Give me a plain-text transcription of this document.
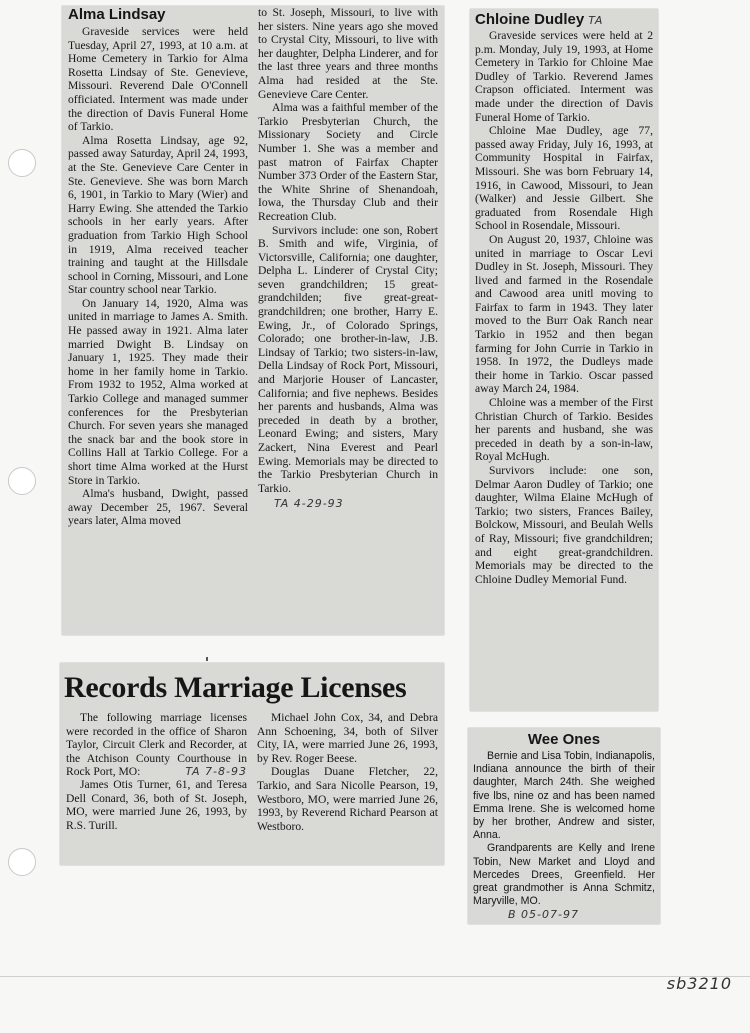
Alma Lindsay

Graveside services were held Tuesday, April 27, 1993, at 10 a.m. at Home Cemetery in Tarkio for Alma Rosetta Lindsay of Ste. Genevieve, Missouri. Reverend Dale O'Connell officiated. Interment was made under the direction of Davis Funeral Home of Tarkio.

Alma Rosetta Lindsay, age 92, passed away Saturday, April 24, 1993, at the Ste. Genevieve Care Center in Ste. Genevieve. She was born March 6, 1901, in Tarkio to Mary (Wier) and Harry Ewing. She attended the Tarkio schools in her early years. After graduation from Tarkio High School in 1919, Alma received teacher training and taught at the Hillsdale school in Corning, Missouri, and Lone Star country school near Tarkio.

On January 14, 1920, Alma was united in marriage to James A. Smith. He passed away in 1921. Alma later married Dwight B. Lindsay on January 1, 1925. They made their home in her family home in Tarkio. From 1932 to 1952, Alma worked at Tarkio College and managed summer conferences for the Presbyterian Church. For seven years she managed the snack bar and the book store in Collins Hall at Tarkio College. For a short time Alma worked at the Hurst Store in Tarkio.

Alma's husband, Dwight, passed away December 25, 1967. Several years later, Alma moved

to St. Joseph, Missouri, to live with her sisters. Nine years ago she moved to Crystal City, Missouri, to live with her daughter, Delpha Linderer, and for the last three years and three months Alma had resided at the Ste. Genevieve Care Center.

Alma was a faithful member of the Tarkio Presbyterian Church, the Missionary Society and Circle Number 1. She was a member and past matron of Fairfax Chapter Number 373 Order of the Eastern Star, the White Shrine of Shenandoah, Iowa, the Thursday Club and their Recreation Club.

Survivors include: one son, Robert B. Smith and wife, Virginia, of Victorsville, California; one daughter, Delpha L. Linderer of Crystal City; seven grandchildren; 15 great-grandchilden; five great-great-grandchildren; one brother, Harry E. Ewing, Jr., of Colorado Springs, Colorado; one brother-in-law, J.B. Lindsay of Tarkio; two sisters-in-law, Della Lindsay of Rock Port, Missouri, and Marjorie Houser of Lancaster, California; and five nephews. Besides her parents and husbands, Alma was preceded in death by a brother, Leonard Ewing; and sisters, Mary Zackert, Nina Everest and Pearl Ewing. Memorials may be directed to the Tarkio Presbyterian Church in Tarkio.

TA 4-29-93
Chloine Dudley TA

Graveside services were held at 2 p.m. Monday, July 19, 1993, at Home Cemetery in Tarkio for Chloine Mae Dudley of Tarkio. Reverend James Crapson officiated. Interment was made under the direction of Davis Funeral Home of Tarkio.

Chloine Mae Dudley, age 77, passed away Friday, July 16, 1993, at Community Hospital in Fairfax, Missouri. She was born February 14, 1916, in Cawood, Missouri, to Jean (Walker) and Jessie Gilbert. She graduated from Rosendale High School in Rosendale, Missouri.

On August 20, 1937, Chloine was united in marriage to Oscar Levi Dudley in St. Joseph, Missouri. They lived and farmed in the Rosendale and Cawood area unitl moving to Fairfax to farm in 1943. They later moved to the Burr Oak Ranch near Tarkio in 1952 and then began farming for John Currie in Tarkio in 1958. In 1972, the Dudleys made their home in Tarkio. Oscar passed away March 24, 1984.

Chloine was a member of the First Christian Church of Tarkio. Besides her parents and husband, she was preceded in death by a son-in-law, Royal McHugh.

Survivors include: one son, Delmar Aaron Dudley of Tarkio; one daughter, Wilma Elaine McHugh of Tarkio; two sisters, Frances Bailey, Bolckow, Missouri, and Beulah Wells of Ray, Missouri; five grandchildren; and eight great-grandchildren. Memorials may be directed to the Chloine Dudley Memorial Fund.

Records Marriage Licenses

The following marriage licenses were recorded in the office of Sharon Taylor, Circuit Clerk and Recorder, at the Atchison County Courthouse in Rock Port, MO:	TA 7-8-93

James Otis Turner, 61, and Teresa Dell Conard, 36, both of St. Joseph, MO, were married June 26, 1993, by R.S. Turill.

Michael John Cox, 34, and Debra Ann Schoening, 34, both of Silver City, IA, were married June 26, 1993, by Rev. Roger Beese.

Douglas Duane Fletcher, 22, Tarkio, and Sara Nicolle Pearson, 19, Westboro, MO, were married June 26, 1993, by Reverend Richard Pearson at Westboro.

Wee Ones

Bernie and Lisa Tobin, Indianapolis, Indiana announce the birth of their daughter, March 24th. She weighed five lbs, nine oz and has been named Emma Irene. She is welcomed home by her brother, Andrew and sister, Anna.

Grandparents are Kelly and Irene Tobin, New Market and Lloyd and Mercedes Drees, Greenfield. Her great grandmother is Anna Schmitz, Maryville, MO.

B 05-07-97
sb3210
